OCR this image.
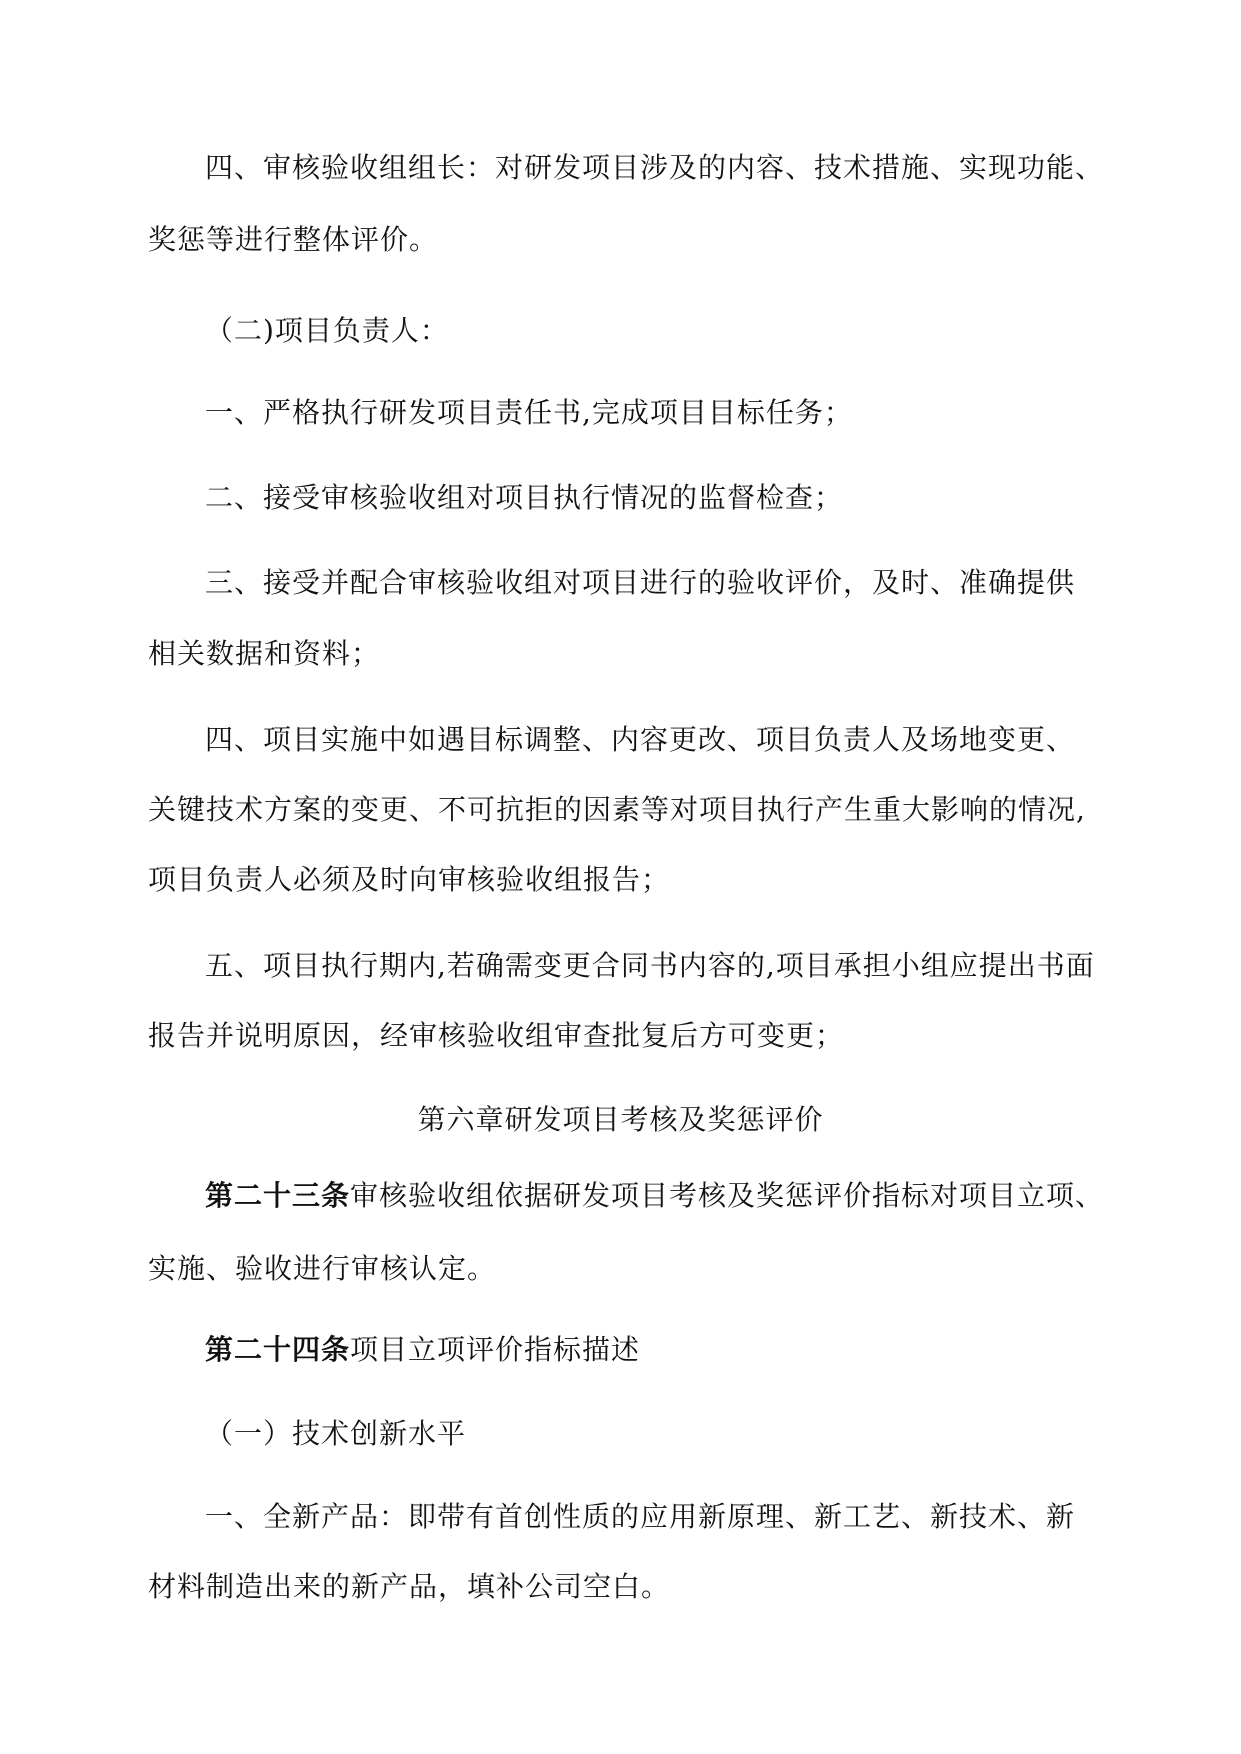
四、审核验收组组长：对研发项目涉及的内容、技术措施、实现功能、
奖惩等进行整体评价。
（二)项目负责人：
一、严格执行研发项目责任书,完成项目目标任务；
二、接受审核验收组对项目执行情况的监督检查；
三、接受并配合审核验收组对项目进行的验收评价，及时、准确提供
相关数据和资料；
四、项目实施中如遇目标调整、内容更改、项目负责人及场地变更、
关键技术方案的变更、不可抗拒的因素等对项目执行产生重大影响的情况,
项目负责人必须及时向审核验收组报告；
五、项目执行期内,若确需变更合同书内容的,项目承担小组应提出书面
报告并说明原因，经审核验收组审查批复后方可变更；
第六章研发项目考核及奖惩评价
第二十三条审核验收组依据研发项目考核及奖惩评价指标对项目立项、
实施、验收进行审核认定。
第二十四条项目立项评价指标描述
（一）技术创新水平
一、全新产品：即带有首创性质的应用新原理、新工艺、新技术、新
材料制造出来的新产品，填补公司空白。
